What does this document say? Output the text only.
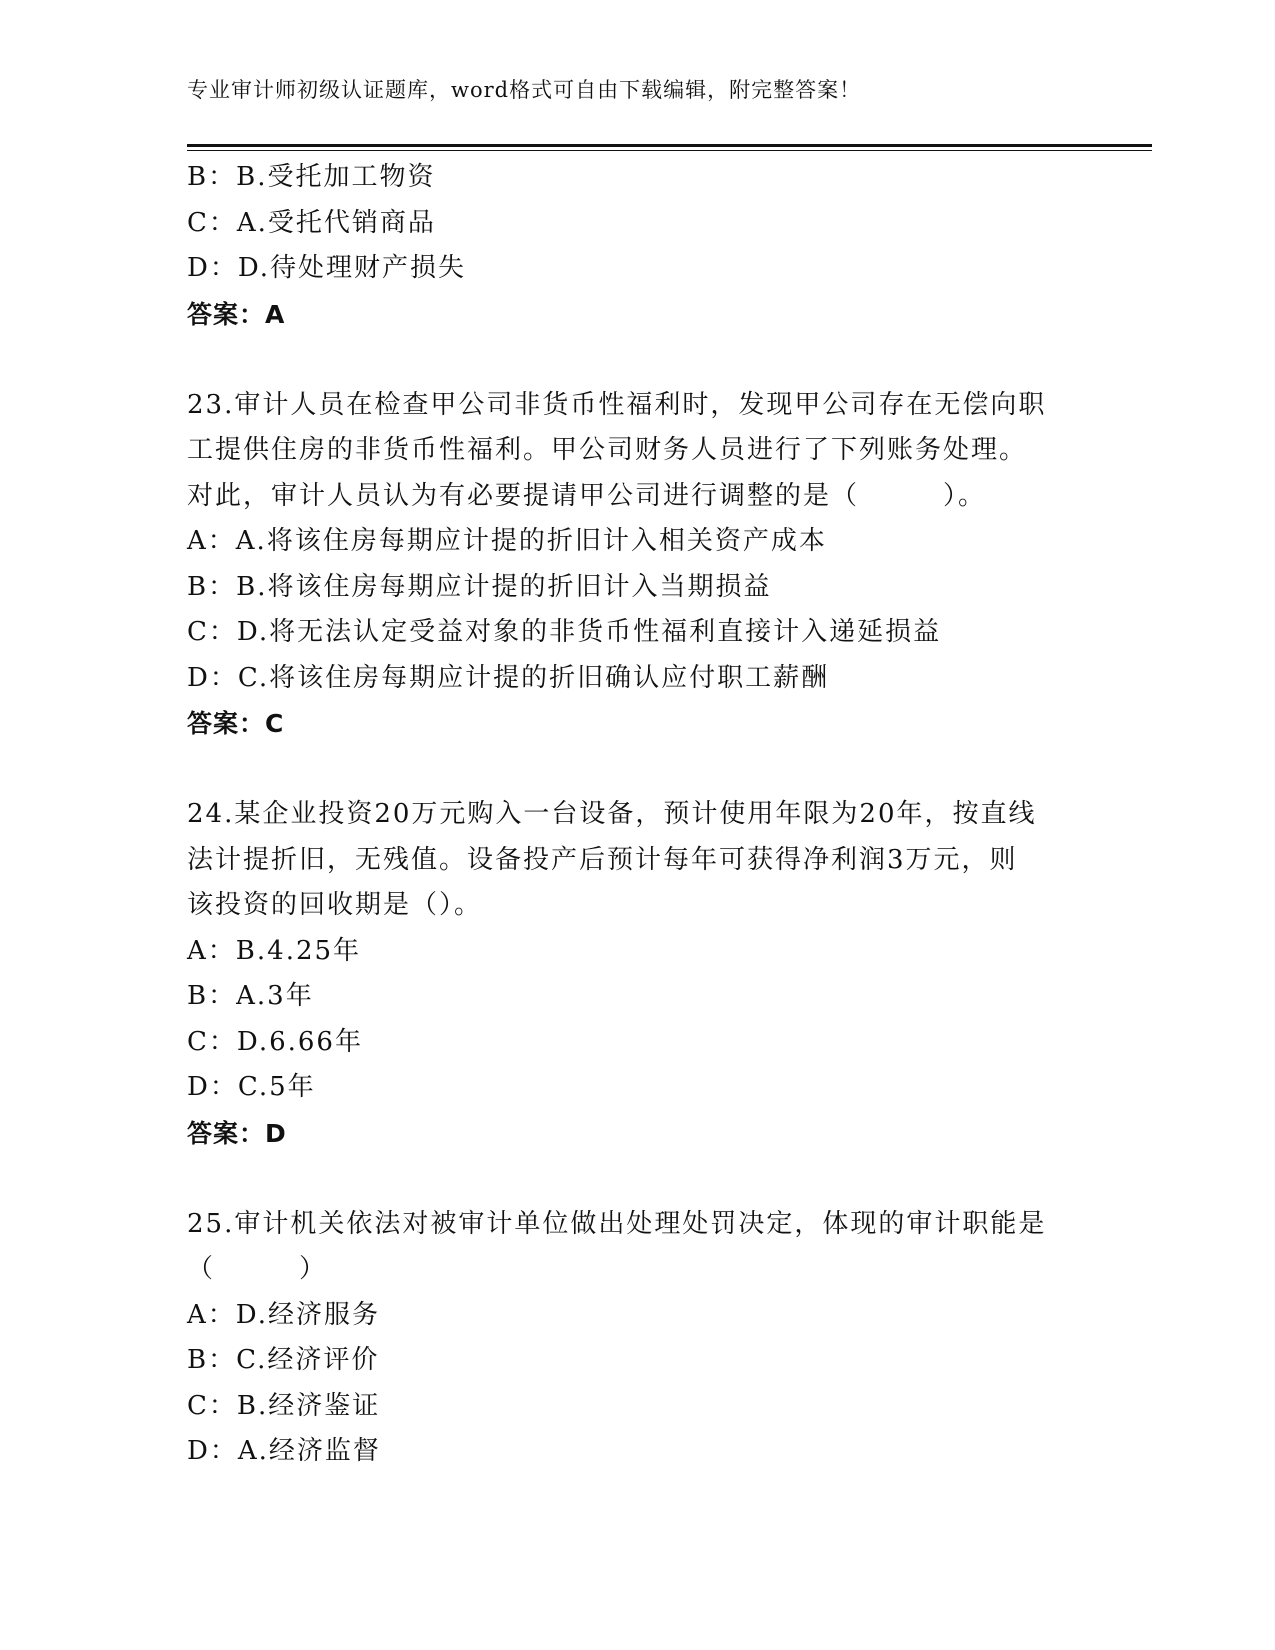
专业审计师初级认证题库，word格式可自由下载编辑，附完整答案！
B：B.受托加工物资
C：A.受托代销商品
D：D.待处理财产损失
答案：A
23.审计人员在检查甲公司非货币性福利时，发现甲公司存在无偿向职
工提供住房的非货币性福利。甲公司财务人员进行了下列账务处理。
对此，审计人员认为有必要提请甲公司进行调整的是（　　　）。
A：A.将该住房每期应计提的折旧计入相关资产成本
B：B.将该住房每期应计提的折旧计入当期损益
C：D.将无法认定受益对象的非货币性福利直接计入递延损益
D：C.将该住房每期应计提的折旧确认应付职工薪酬
答案：C
24.某企业投资20万元购入一台设备，预计使用年限为20年，按直线
法计提折旧，无残值。设备投产后预计每年可获得净利润3万元，则
该投资的回收期是（）。
A：B.4.25年
B：A.3年
C：D.6.66年
D：C.5年
答案：D
25.审计机关依法对被审计单位做出处理处罚决定，体现的审计职能是
（　　　）
A：D.经济服务
B：C.经济评价
C：B.经济鉴证
D：A.经济监督
